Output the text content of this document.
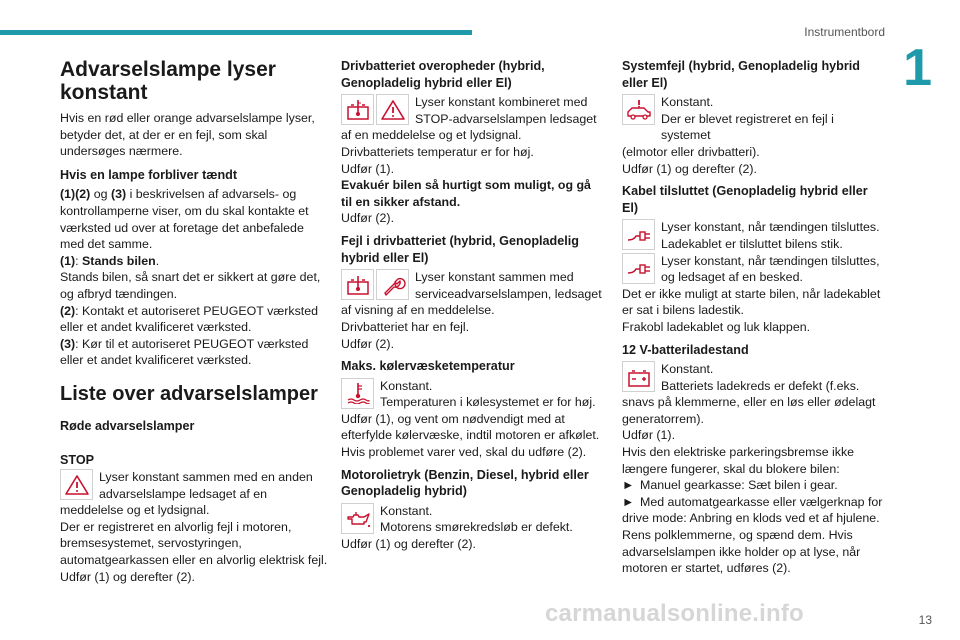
Instrumentbord
1
Advarselslampe lyser konstant

Hvis en rød eller orange advarselslampe lyser, betyder det, at der er en fejl, som skal undersøges nærmere.

Hvis en lampe forbliver tændt

(1)(2) og (3) i beskrivelsen af advarsels- og kontrollamperne viser, om du skal kontakte et værksted ud over at foretage det anbefalede med det samme.

(1): Stands bilen.

Stands bilen, så snart det er sikkert at gøre det, og afbryd tændingen.

(2): Kontakt et autoriseret PEUGEOT værksted eller et andet kvalificeret værksted.

(3): Kør til et autoriseret PEUGEOT værksted eller et andet kvalificeret værksted.

Liste over advarselslamper
Røde advarselslamper
STOP

Lyser konstant sammen med en anden advarselslampe ledsaget af en

meddelelse og et lydsignal.

Der er registreret en alvorlig fejl i motoren, bremsesystemet, servostyringen, automatgearkassen eller en alvorlig elektrisk fejl.

Udfør (1) og derefter (2).

Drivbatteriet overopheder (hybrid, Genopladelig hybrid eller El)

Lyser konstant kombineret med STOP-advarselslampen ledsaget

af en meddelelse og et lydsignal.

Drivbatteriets temperatur er for høj.

Udfør (1).

Evakuér bilen så hurtigt som muligt, og gå til en sikker afstand.

Udfør (2).

Fejl i drivbatteriet (hybrid, Genopladelig hybrid eller El)

Lyser konstant sammen med serviceadvarselslampen, ledsaget

af visning af en meddelelse.

Drivbatteriet har en fejl.

Udfør (2).

Maks. kølervæsketemperatur

Konstant.

Temperaturen i kølesystemet er for høj.

Udfør (1), og vent om nødvendigt med at efterfylde kølervæske, indtil motoren er afkølet.

Hvis problemet varer ved, skal du udføre (2).

Motorolietryk (Benzin, Diesel, hybrid eller Genopladelig hybrid)

Konstant.

Motorens smørekredsløb er defekt.

Udfør (1) og derefter (2).

Systemfejl (hybrid, Genopladelig hybrid eller El)

Konstant.

Der er blevet registreret en fejl i systemet

(elmotor eller drivbatteri).

Udfør (1) og derefter (2).

Kabel tilsluttet (Genopladelig hybrid eller El)

Lyser konstant, når tændingen tilsluttes.

Ladekablet er tilsluttet bilens stik.

Lyser konstant, når tændingen tilsluttes,

og ledsaget af en besked.

Det er ikke muligt at starte bilen, når ladekablet er sat i bilens ladestik.

Frakobl ladekablet og luk klappen.

12 V-batteriladestand

Konstant.

Batteriets ladekreds er defekt (f.eks.

snavs på klemmerne, eller en løs eller ødelagt generatorrem).

Udfør (1).

Hvis den elektriske parkeringsbremse ikke længere fungerer, skal du blokere bilen:

► Manuel gearkasse: Sæt bilen i gear.

► Med automatgearkasse eller vælgerknap for drive mode: Anbring en klods ved et af hjulene.

Rens polklemmerne, og spænd dem. Hvis advarselslampen ikke holder op at lyse, når motoren er startet, udføres (2).

carmanualsonline.info	13
